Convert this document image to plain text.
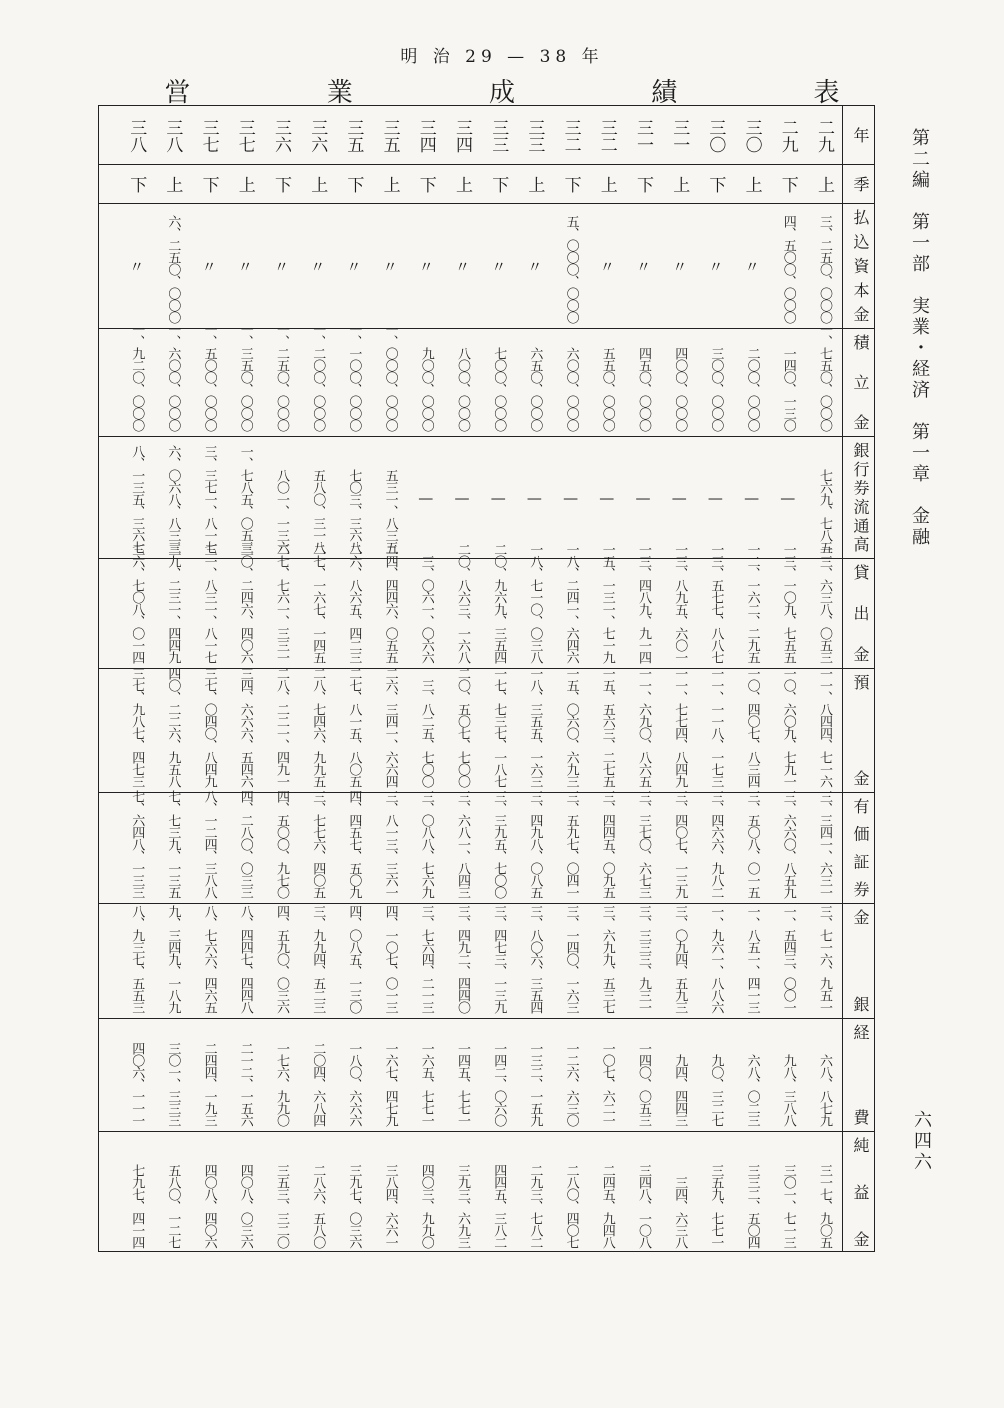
明 治 29 — 38 年
営 業 成 績 表
第二編　第一部　実業・経済　第一章　金融
六四六
年
季
払込資本金
積　立　金
銀行券流通高
貸　出　金
預　　　金
有価証券
金　　　銀
経　　　費
純　益　金
二九
上
三、二五〇、〇〇〇
一、七五〇、〇〇〇
七六九、七八五
一三、六三八、〇五三
一一、八四四、七一六
三、三四一、六三一
三、七一六、九五一
六八、八七九
三一七、九〇五
二九
下
四、五〇〇、〇〇〇
一四〇、一三〇
—
一三、一〇九、七五五
一〇、六〇九、七九一
三、六六〇、八五九
一、五四三、〇〇一
九八、三八八
三〇一、七一三
三〇
上
〃
二〇〇、〇〇〇
—
一二、一六二、二九五
一〇、四〇七、八三四
三、五〇八、〇一五
一、八五一、四一三
六八、〇二三
三三二、五〇四
三〇
下
〃
三〇〇、〇〇〇
—
一三、五七七、八八七
一一、一一八、一七三
三、四六六、九八二
一、九六一、八八六
九〇、三二七
三五九、七七一
三一
上
〃
四〇〇、〇〇〇
—
一三、八九五、六〇一
一一、七七四、八四九
三、四〇七、一三九
三、〇九四、五九三
九四、四四三
三四、六三八
三一
下
〃
四五〇、〇〇〇
—
一三、四八九、九一四
一一、六九〇、八六五
三、三七〇、六七三
三、三三三、九三一
一四〇、〇五三
三四八、一〇八
三二
上
〃
五五〇、〇〇〇
—
一五、一三一、七一九
一五、五六三、二七五
三、四四五、〇九五
三、六九九、五三七
一〇七、六二一
二四五、九四八
三二
下
五、〇〇〇、〇〇〇
六〇〇、〇〇〇
—
一八、二四一、六四六
一五、〇六〇、六九三
三、五九七、〇四一
三、一四〇、一六三
一二六、六三〇
二八〇、四〇七
三三
上
〃
六五〇、〇〇〇
—
一八、七一〇、〇三八
一八、三五五、一六三
三、四九八、〇八五
三、八〇六、三五四
一三二、一五九
二九三、七八二
三三
下
〃
七〇〇、〇〇〇
—
二〇、九六九、三五四
一七、七三七、一八七
三、三九五、七〇〇
三、四七三、一三九
一四二、〇六〇
四四五、三八二
三四
上
〃
八〇〇、〇〇〇
—
二〇、八六三、一六八
二〇、五〇七、七〇〇
三、六八一、八四三
三、四九二、四四〇
一四五、七七一
三九三、六九三
三四
下
〃
九〇〇、〇〇〇
—
三、〇六一、〇六六
三、八二五、七〇〇
三、〇八八、七六九
三、七六四、二一三
一六五、七七一
四〇三、九九〇
三五
上
〃
一、〇〇〇、〇〇〇
五三一、八三五
二四、四四六、〇五五
二六、三四一、六六四
三、八一三、三六一
四、一〇七、〇一三
一六七、四七九
三八四、六六一
三五
下
〃
一、一〇〇、〇〇〇
七〇三、三六八
二六、八六五、四二三
二七、八一五、八〇五
四、四五七、五〇九
四、〇八五、一三〇
一八〇、六六六
三九七、〇三六
三六
上
〃
一、二〇〇、〇〇〇
五八〇、三一八
二七、一六七、一四五
二八、七四六、九九五
三、七七六、四〇五
三、九九四、五二三
二〇四、六八四
二八六、五八〇
三六
下
〃
一、二五〇、〇〇〇
八〇一、一三六
二七、七六一、三三一
二八、二二一、四九一
四、五〇〇、九七〇
四、五九〇、〇三六
一七六、九九〇
三五三、三二〇
三七
上
〃
一、三五〇、〇〇〇
一、七八五、〇五三
三〇、二四六、四〇六
三四、六六六、五四六
四、二八〇、〇三三
八、四四七、四四八
二一二、一五六
四〇八、〇三六
三七
下
〃
一、五〇〇、〇〇〇
三、三七一、八一七
三一、八三一、八一七
三七、〇四〇、八四九
八、一二四、三八八
八、七六六、四六五
二四四、一九三
四〇八、四〇六
三八
上
六、二五〇、〇〇〇
一、六〇〇、〇〇〇
六、〇六八、八三三
三九、二三一、四四九
四〇、二二六、九五八
七、七三九、一三五
九、三四九、一八九
三〇一、三三三
五八〇、一二七
三八
下
〃
一、九二〇、〇〇〇
八、一三五、三六七
三六、七〇八、〇一四
三七、九八七、四七三
七、六四八、一三三
八、九三七、五五三
四〇六、一一一
七九七、四一四
